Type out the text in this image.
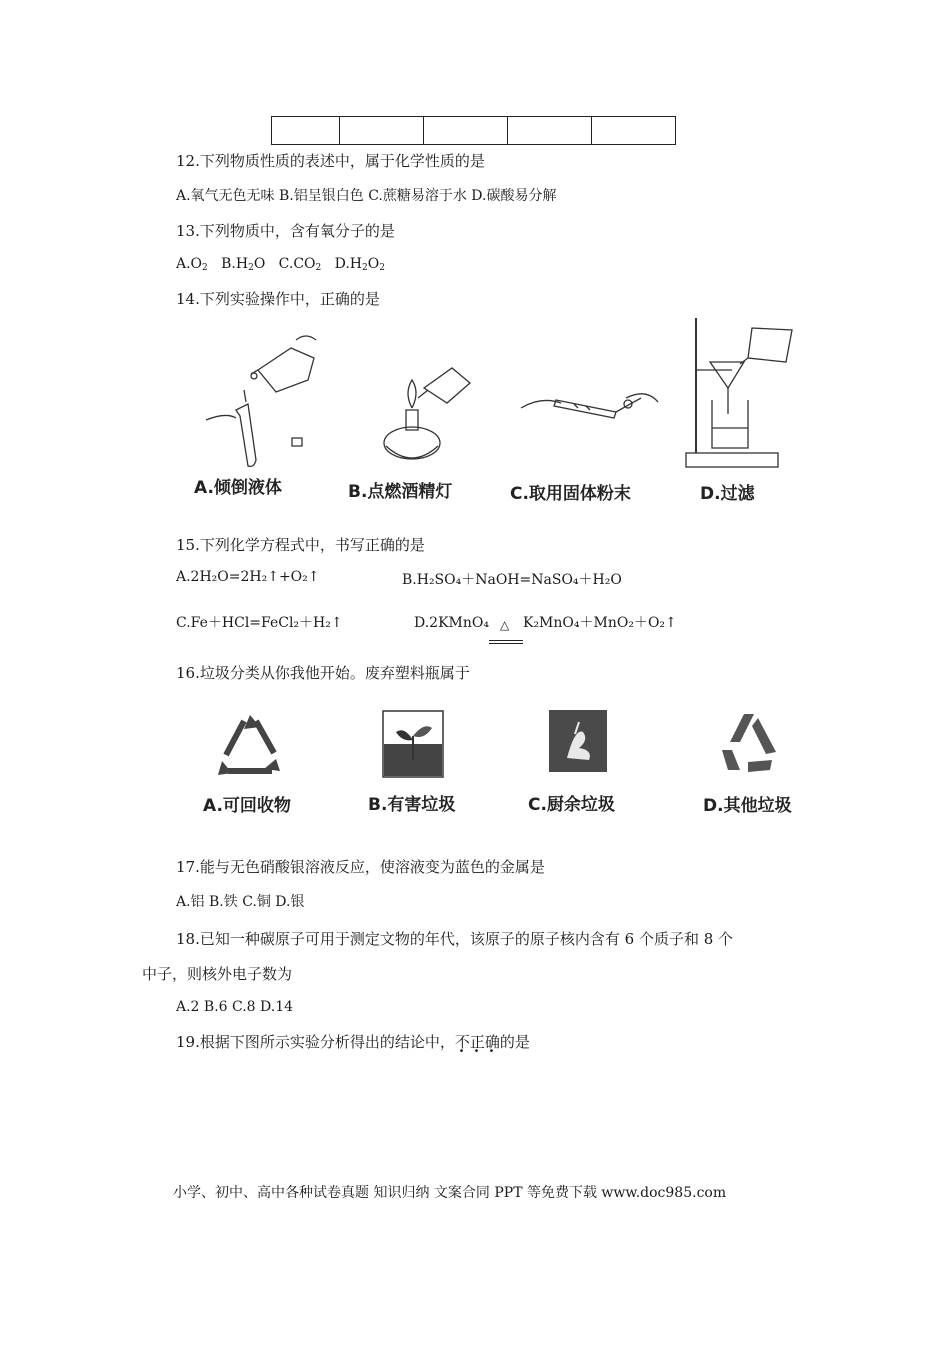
12.下列物质性质的表述中，属于化学性质的是
A.氧气无色无味 B.铝呈银白色 C.蔗糖易溶于水 D.碳酸易分解
13.下列物质中，含有氧分子的是
$A.O_2$ $B.H_2O$ $C.CO_2$ $D.H_2O_2$
14.下列实验操作中，正确的是
A.倾倒液体	B.点燃酒精灯	C.取用固体粉末	D.过滤
15.下列化学方程式中，书写正确的是
A.2H₂O=2H₂↑+O₂↑	B.H₂SO₄＋NaOH=NaSO₄＋H₂O
C.Fe＋HCl=FeCl₂＋H₂↑	D.2KMnO₄ △ K₂MnO₄＋MnO₂＋O₂↑
16.垃圾分类从你我他开始。废弃塑料瓶属于
A.可回收物	B.有害垃圾	C.厨余垃圾	D.其他垃圾
17.能与无色硝酸银溶液反应，使溶液变为蓝色的金属是
A.铝 B.铁 C.铜 D.银
18.已知一种碳原子可用于测定文物的年代，该原子的原子核内含有 6 个质子和 8 个
中子，则核外电子数为
A.2 B.6 C.8 D.14
19.根据下图所示实验分析得出的结论中，不正确的是
小学、初中、高中各种试卷真题 知识归纳 文案合同 PPT 等免费下载 www.doc985.com
